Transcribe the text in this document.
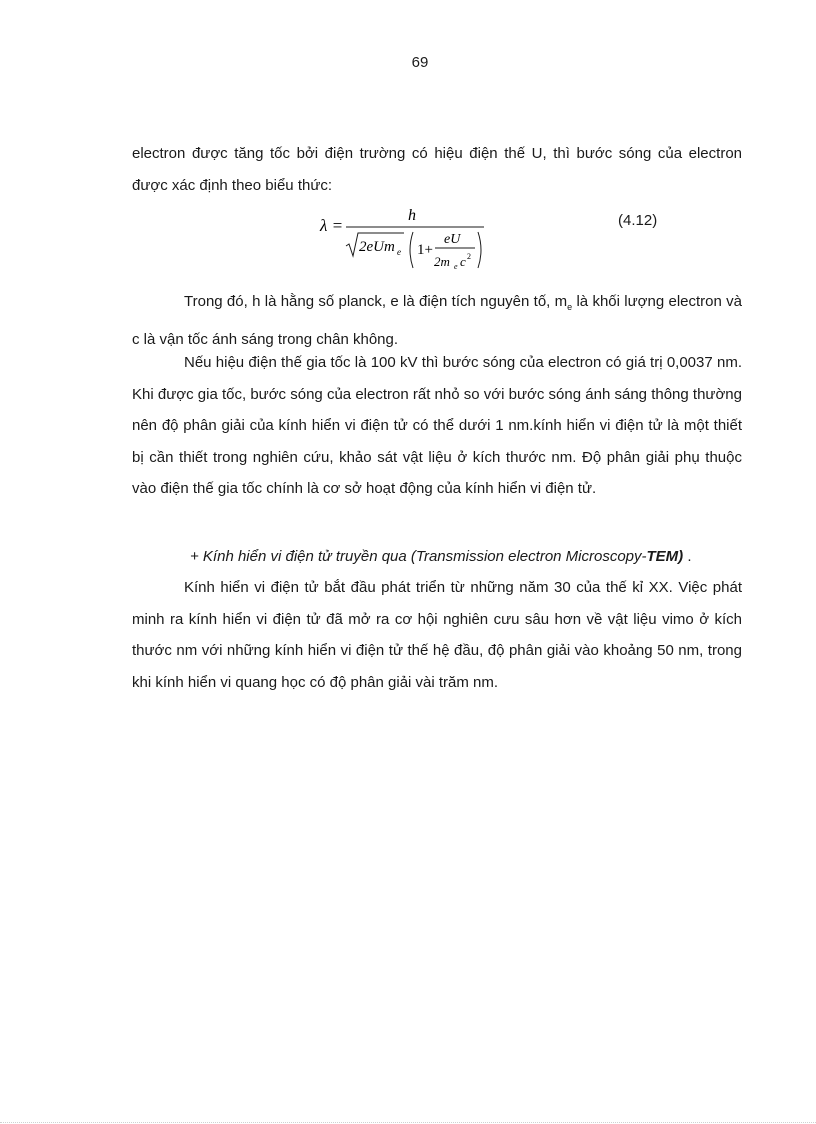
69

electron được tăng tốc bởi điện trường có hiệu điện thế U, thì bước sóng của electron được xác định theo biểu thức:

λ =
h
2eUm e 1+
eU
2m e c 2
(4.12)

Trong đó, h là hằng số planck, e là điện tích nguyên tố, $m_e$ là khối lượng electron và c là vận tốc ánh sáng trong chân không.

Nếu hiệu điện thế gia tốc là 100 kV thì bước sóng của electron có giá trị 0,0037 nm. Khi được gia tốc, bước sóng của electron rất nhỏ so với bước sóng ánh sáng thông thường nên độ phân giải của kính hiển vi điện tử có thể dưới 1 nm.kính hiển vi điện tử là một thiết bị cần thiết trong nghiên cứu, khảo sát vật liệu ở kích thước nm. Độ phân giải phụ thuộc vào điện thế gia tốc chính là cơ sở hoạt động của kính hiển vi điện tử.

+ Kính hiển vi điện tử truyền qua (Transmission electron Microscopy-TEM) .

Kính hiển vi điện tử bắt đầu phát triển từ những năm 30 của thế kỉ XX. Việc phát minh ra kính hiển vi điện tử đã mở ra cơ hội nghiên cưu sâu hơn về vật liệu vimo ở kích thước nm với những kính hiển vi điện tử thế hệ đầu, độ phân giải vào khoảng 50 nm, trong khi kính hiển vi quang học có độ phân giải vài trăm nm.
